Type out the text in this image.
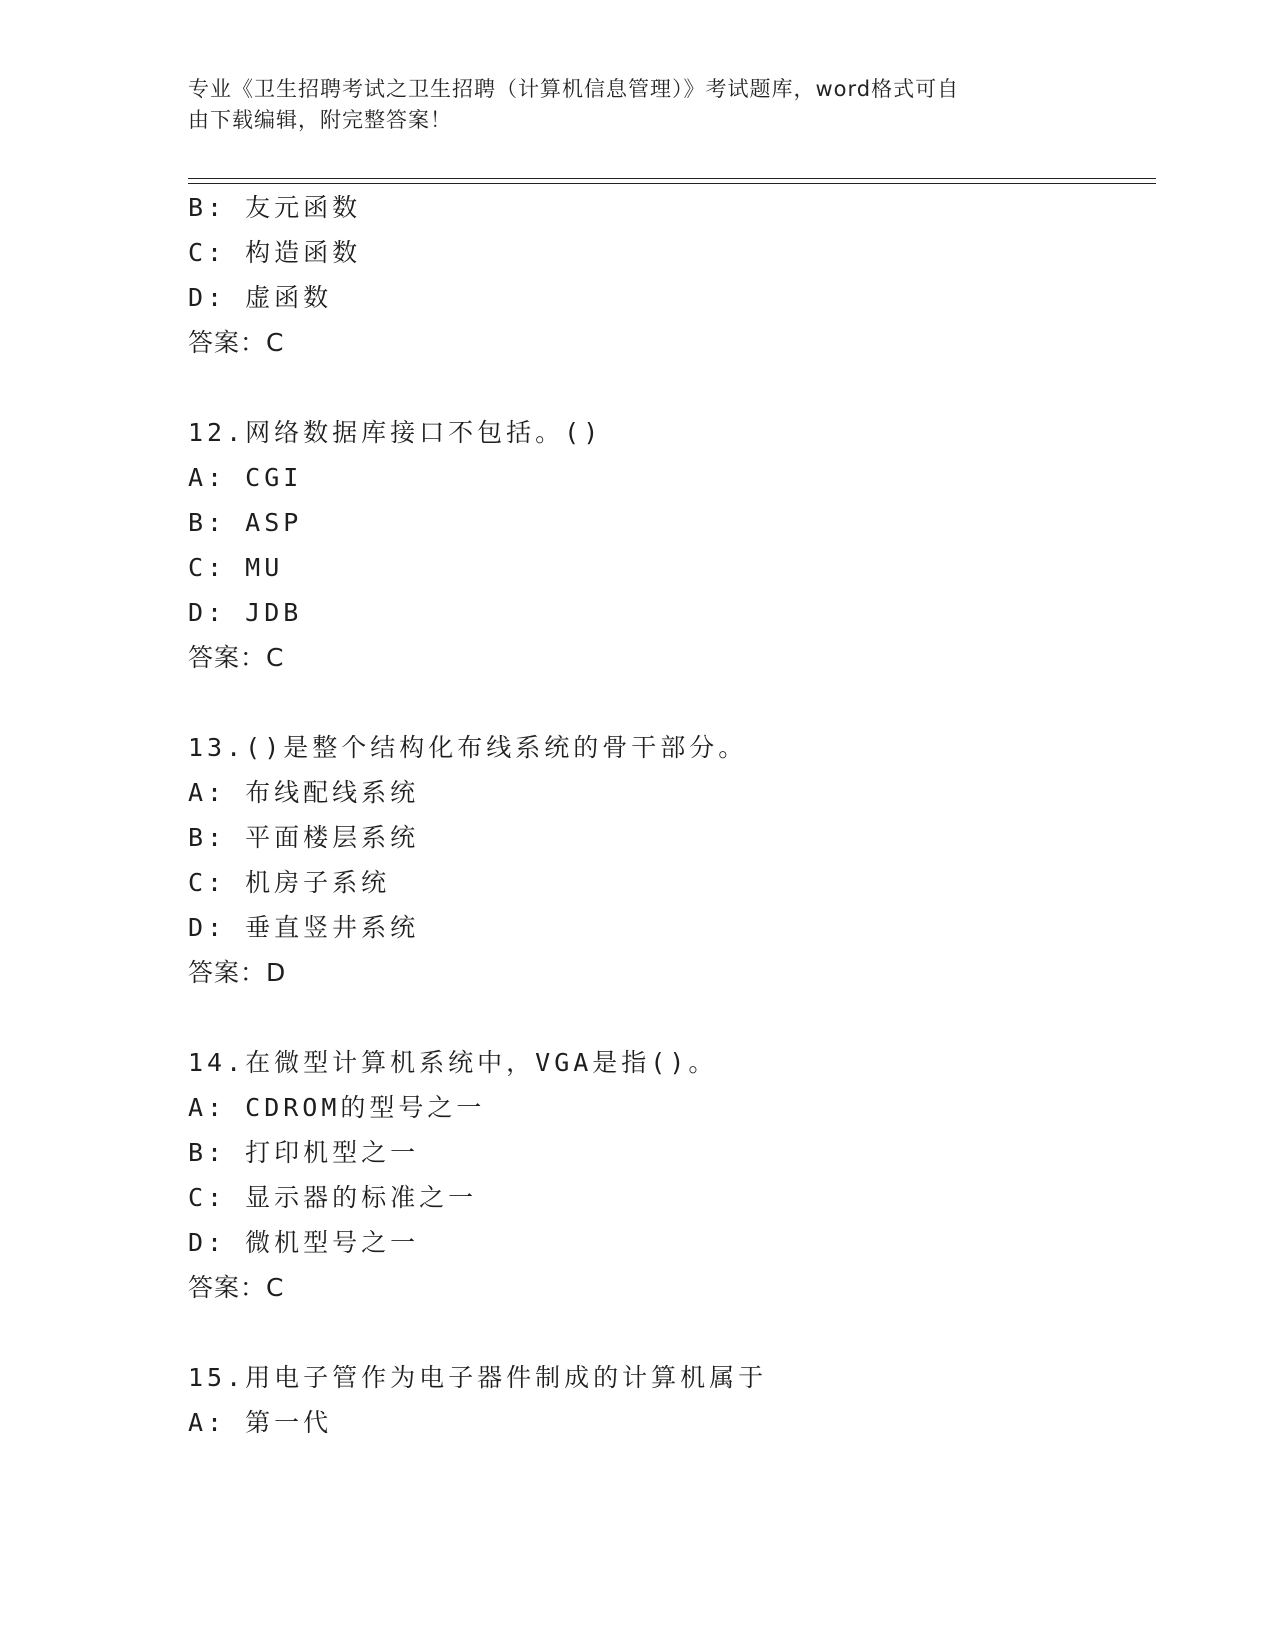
专业《卫生招聘考试之卫生招聘（计算机信息管理）》考试题库，word格式可自
由下载编辑，附完整答案！
B: 友元函数
C: 构造函数
D: 虚函数
答案：C
12.网络数据库接口不包括。()
A: CGI
B: ASP
C: MU
D: JDB
答案：C
13.()是整个结构化布线系统的骨干部分。
A: 布线配线系统
B: 平面楼层系统
C: 机房子系统
D: 垂直竖井系统
答案：D
14.在微型计算机系统中，VGA是指()。
A: CDROM的型号之一
B: 打印机型之一
C: 显示器的标准之一
D: 微机型号之一
答案：C
15.用电子管作为电子器件制成的计算机属于
A: 第一代
